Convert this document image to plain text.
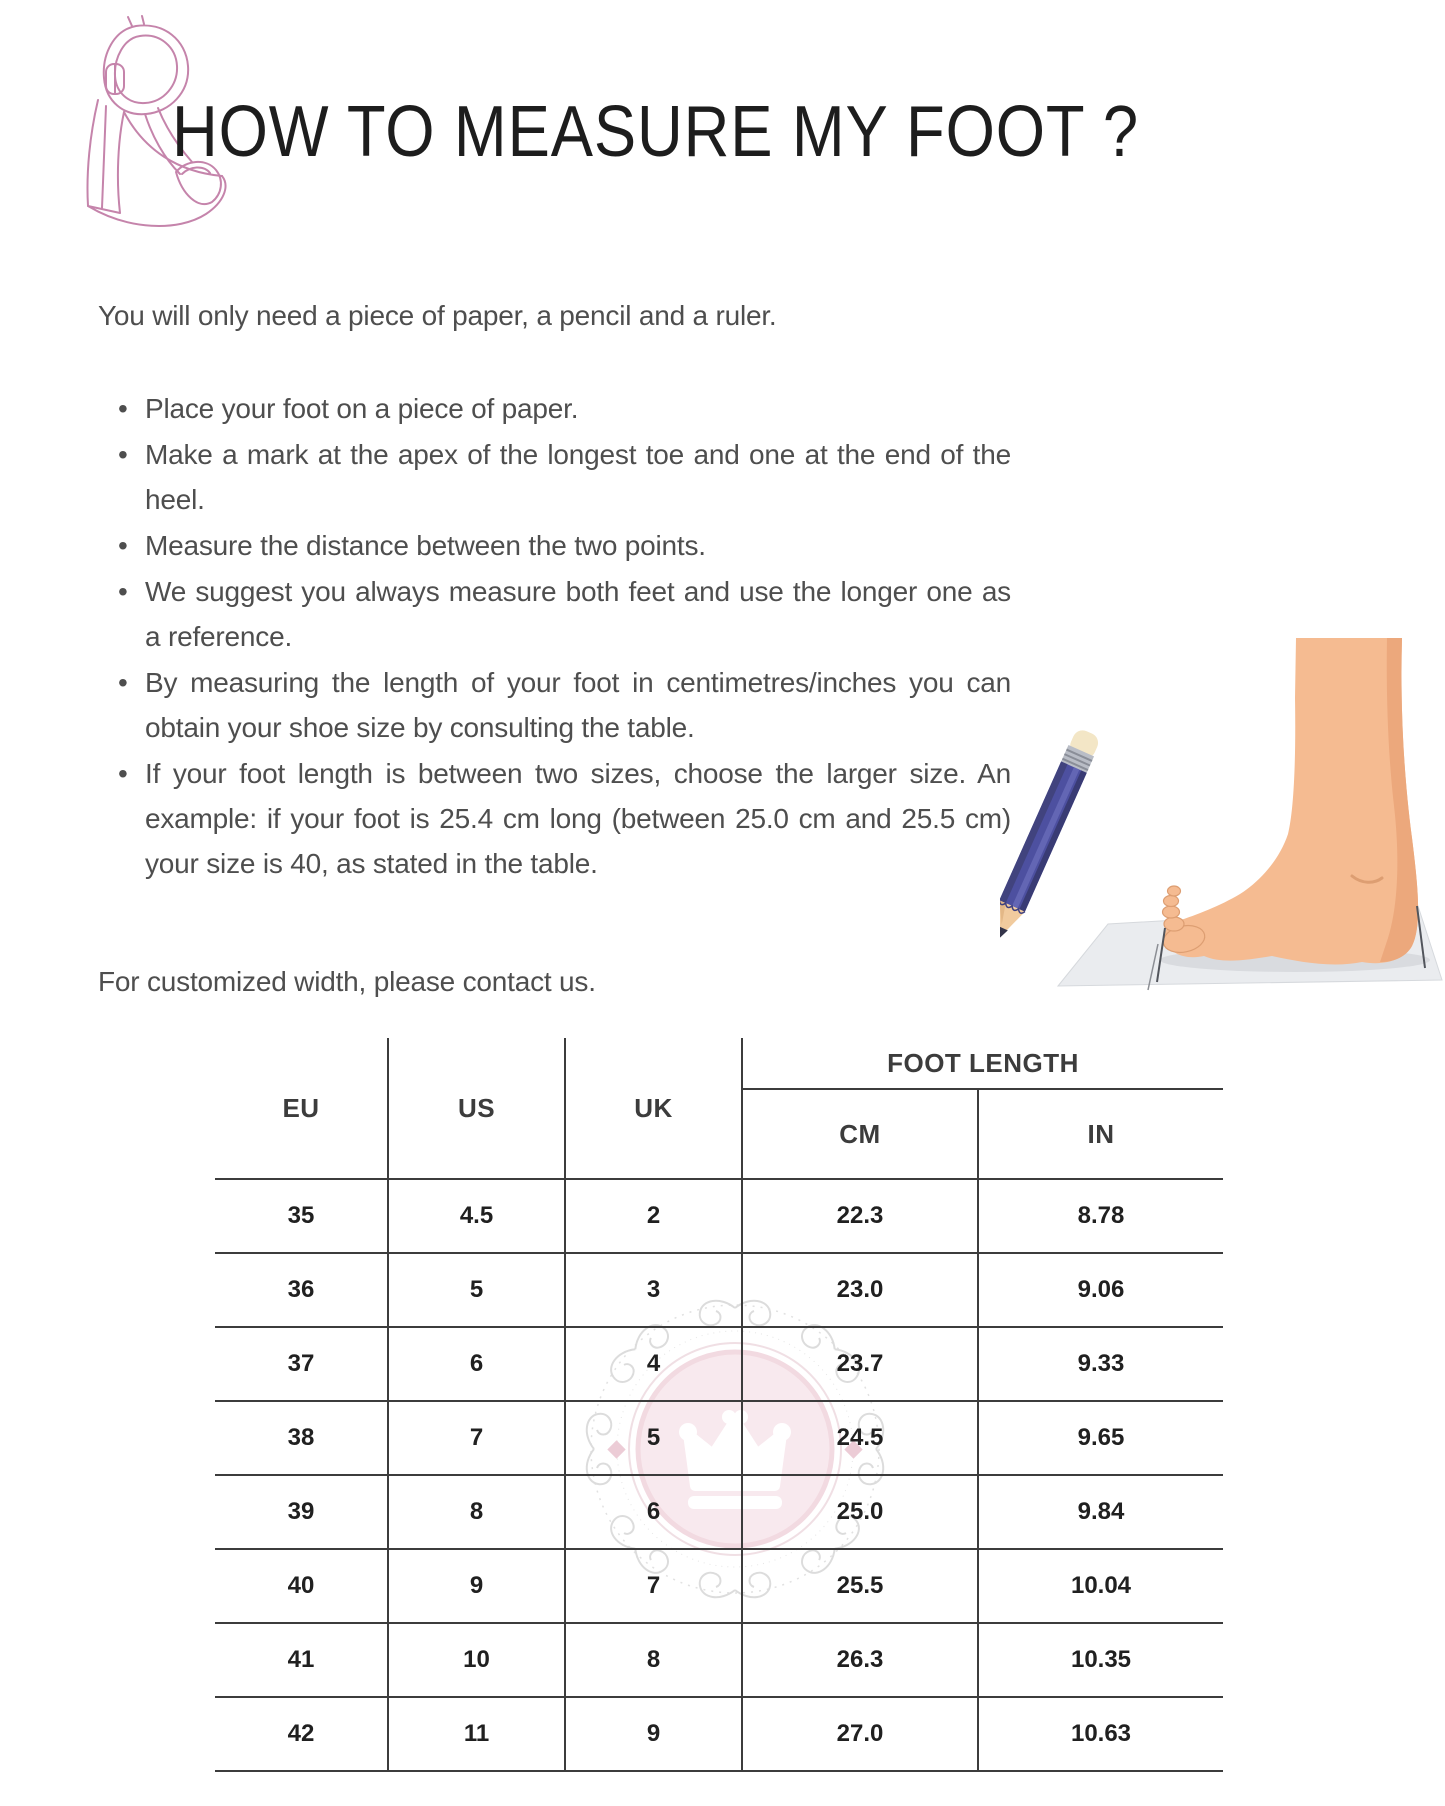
HOW TO MEASURE MY FOOT ?

You will only need a piece of paper, a pencil and a ruler.

• Place your foot on a piece of paper.
• Make a mark at the apex of the longest toe and one at the end of the heel.
• Measure the distance between the two points.
• We suggest you always measure both feet and use the longer one as a reference.
• By measuring the length of your foot in centimetres/​inches you can obtain your shoe size by consulting the table.
• If your foot length is between two sizes, choose the larger size. An example: if your foot is 25.4 cm long (between 25.0 cm and 25.5 cm) your size is 40, as stated in the table.

For customized width, please contact us.

EU	US	UK	FOOT LENGTH	
			CM	IN
35	4.5	2	22.3	8.78
36	5	3	23.0	9.06
37	6	4	23.7	9.33
38	7	5	24.5	9.65
39	8	6	25.0	9.84
40	9	7	25.5	10.04
41	10	8	26.3	10.35
42	11	9	27.0	10.63
